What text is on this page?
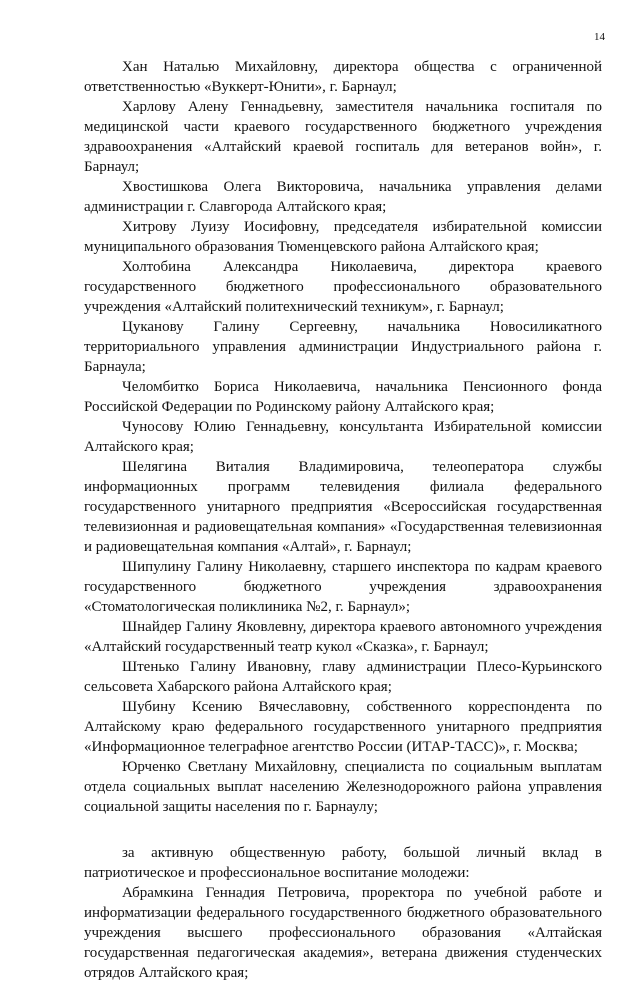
14

Хан Наталью Михайловну, директора общества с ограниченной ответственностью «Вуккерт-Юнити», г. Барнаул;

Харлову Алену Геннадьевну, заместителя начальника госпиталя по медицинской части краевого государственного бюджетного учреждения здравоохранения «Алтайский краевой госпиталь для ветеранов войн», г. Барнаул;

Хвостишкова Олега Викторовича, начальника управления делами администрации г. Славгорода Алтайского края;

Хитрову Луизу Иосифовну, председателя избирательной комиссии муниципального образования Тюменцевского района Алтайского края;

Холтобина Александра Николаевича, директора краевого государственного бюджетного профессионального образовательного учреждения «Алтайский политехнический техникум», г. Барнаул;

Цуканову Галину Сергеевну, начальника Новосиликатного территориального управления администрации Индустриального района г. Барнаула;

Челомбитко Бориса Николаевича, начальника Пенсионного фонда Российской Федерации по Родинскому району Алтайского края;

Чуносову Юлию Геннадьевну, консультанта Избирательной комиссии Алтайского края;

Шелягина Виталия Владимировича, телеоператора службы информационных программ телевидения филиала федерального государственного унитарного предприятия «Всероссийская государственная телевизионная и радиовещательная компания» «Государственная телевизионная и радиовещательная компания «Алтай», г. Барнаул;

Шипулину Галину Николаевну, старшего инспектора по кадрам краевого государственного бюджетного учреждения здравоохранения «Стоматологическая поликлиника №2, г. Барнаул»;

Шнайдер Галину Яковлевну, директора краевого автономного учреждения «Алтайский государственный театр кукол «Сказка», г. Барнаул;

Штенько Галину Ивановну, главу администрации Плесо-Курьинского сельсовета Хабарского района Алтайского края;

Шубину Ксению Вячеславовну, собственного корреспондента по Алтайскому краю федерального государственного унитарного предприятия «Информационное телеграфное агентство России (ИТАР-ТАСС)», г. Москва;

Юрченко Светлану Михайловну, специалиста по социальным выплатам отдела социальных выплат населению Железнодорожного района управления социальной защиты населения по г. Барнаулу;

за активную общественную работу, большой личный вклад в патриотическое и профессиональное воспитание молодежи:

Абрамкина Геннадия Петровича, проректора по учебной работе и информатизации федерального государственного бюджетного образовательного учреждения высшего профессионального образования «Алтайская государственная педагогическая академия», ветерана движения студенческих отрядов Алтайского края;
